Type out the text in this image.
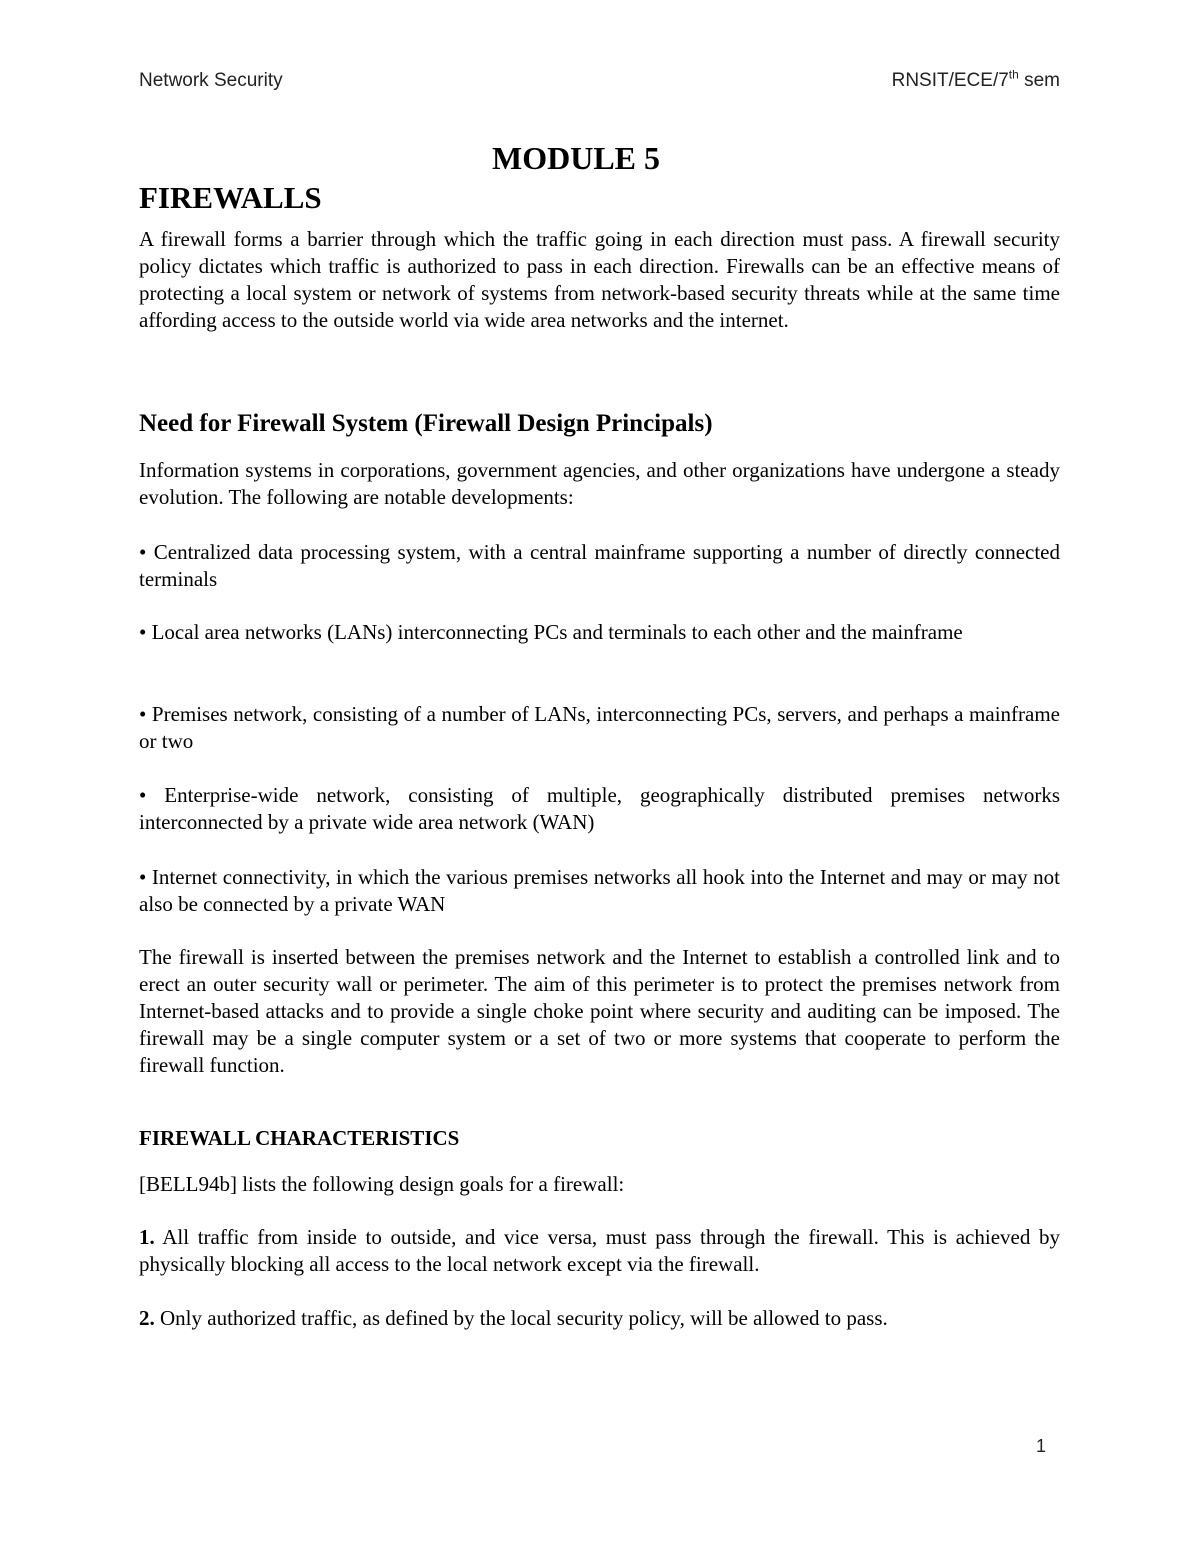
Network Security	RNSIT/ECE/7th sem
MODULE 5
FIREWALLS

A firewall forms a barrier through which the traffic going in each direction must pass. A firewall security policy dictates which traffic is authorized to pass in each direction. Firewalls can be an effective means of protecting a local system or network of systems from network-based security threats while at the same time affording access to the outside world via wide area networks and the internet.

Need for Firewall System (Firewall Design Principals)

Information systems in corporations, government agencies, and other organizations have undergone a steady evolution. The following are notable developments:

• Centralized data processing system, with a central mainframe supporting a number of directly connected terminals

• Local area networks (LANs) interconnecting PCs and terminals to each other and the mainframe

• Premises network, consisting of a number of LANs, interconnecting PCs, servers, and perhaps a mainframe or two

• Enterprise-wide network, consisting of multiple, geographically distributed premises networks interconnected by a private wide area network (WAN)

• Internet connectivity, in which the various premises networks all hook into the Internet and may or may not also be connected by a private WAN

The firewall is inserted between the premises network and the Internet to establish a controlled link and to erect an outer security wall or perimeter. The aim of this perimeter is to protect the premises network from Internet-based attacks and to provide a single choke point where security and auditing can be imposed. The firewall may be a single computer system or a set of two or more systems that cooperate to perform the firewall function.

FIREWALL CHARACTERISTICS

[BELL94b] lists the following design goals for a firewall:

1. All traffic from inside to outside, and vice versa, must pass through the firewall. This is achieved by physically blocking all access to the local network except via the firewall.

2. Only authorized traffic, as defined by the local security policy, will be allowed to pass.

1
